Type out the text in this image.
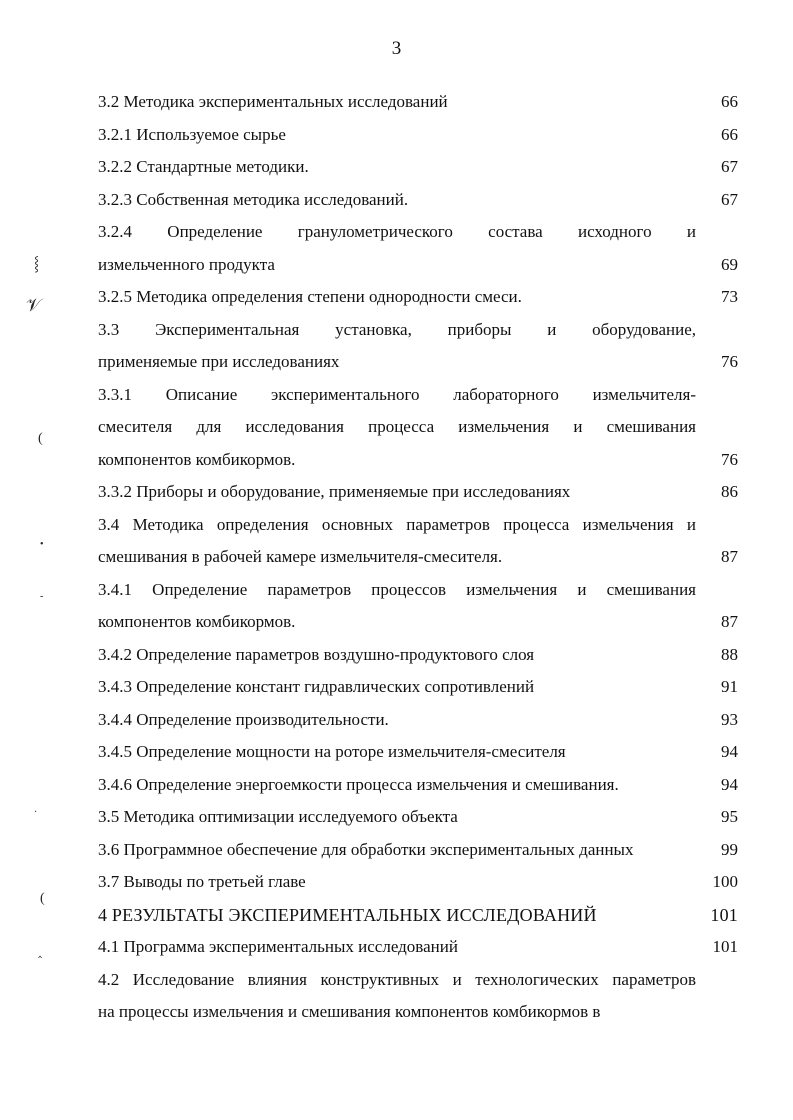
3
3.2 Методика экспериментальных исследований	66
3.2.1 Используемое сырье	66
3.2.2 Стандартные методики.	67
3.2.3 Собственная методика исследований.	67
3.2.4 Определение гранулометрического состава исходного и
измельченного продукта	69
3.2.5 Методика определения степени однородности смеси.	73
3.3 Экспериментальная установка, приборы и оборудование,
применяемые при исследованиях	76
3.3.1 Описание экспериментального лабораторного измельчителя-
смесителя для исследования процесса измельчения и смешивания
компонентов комбикормов.	76
3.3.2 Приборы и оборудование, применяемые при исследованиях	86
3.4 Методика определения основных параметров процесса измельчения и
смешивания в рабочей камере измельчителя-смесителя.	87
3.4.1 Определение параметров процессов измельчения и смешивания
компонентов комбикормов.	87
3.4.2 Определение параметров воздушно-продуктового слоя	88
3.4.3 Определение констант гидравлических сопротивлений	91
3.4.4 Определение производительности.	93
3.4.5 Определение мощности на роторе измельчителя-смесителя	94
3.4.6 Определение энергоемкости процесса измельчения и смешивания.	94
3.5 Методика оптимизации исследуемого объекта	95
3.6 Программное обеспечение для обработки экспериментальных данных	99
3.7 Выводы по третьей главе	100
4 РЕЗУЛЬТАТЫ ЭКСПЕРИМЕНТАЛЬНЫХ ИССЛЕДОВАНИЙ	101
4.1 Программа экспериментальных исследований	101
4.2 Исследование влияния конструктивных и технологических параметров
на процессы измельчения и смешивания компонентов комбикормов в
⸾
𝒱
(
•
-
·
(
‸
